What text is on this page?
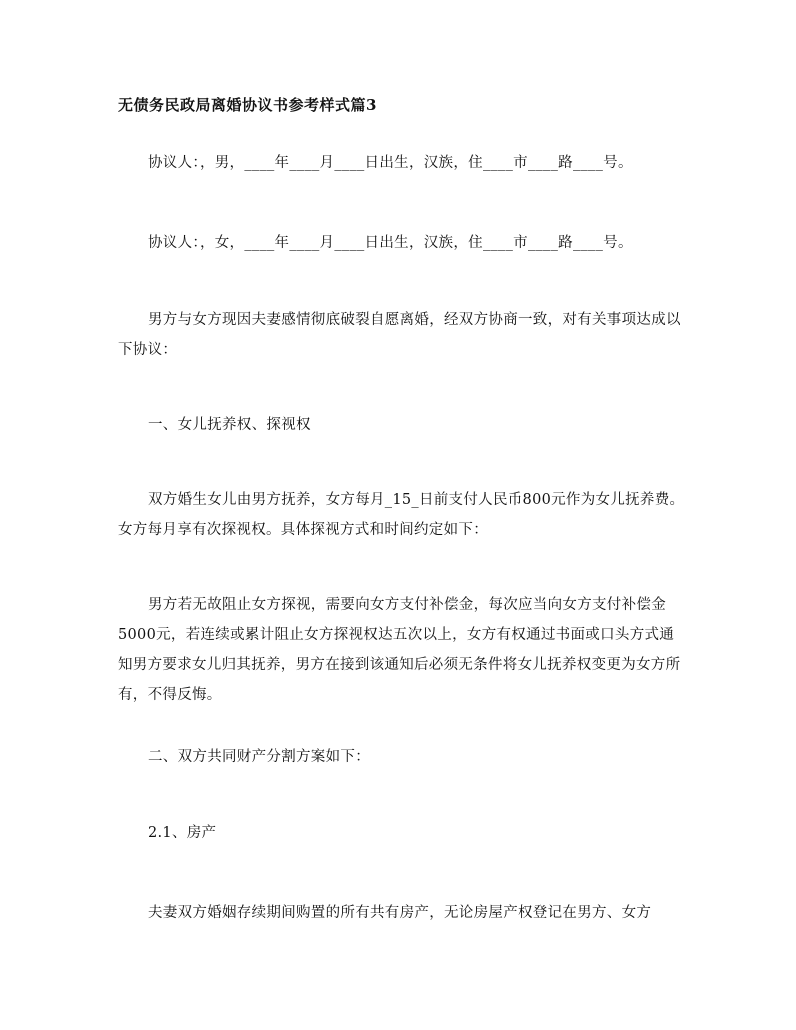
无债务民政局离婚协议书参考样式篇3
协议人：，男，____年____月____日出生，汉族，住____市____路____号。
协议人：，女，____年____月____日出生，汉族，住____市____路____号。

男方与女方现因夫妻感情彻底破裂自愿离婚，经双方协商一致，对有关事项达成以下协议：

一、女儿抚养权、探视权

双方婚生女儿由男方抚养，女方每月_15_日前支付人民币800元作为女儿抚养费。女方每月享有次探视权。具体探视方式和时间约定如下：

男方若无故阻止女方探视，需要向女方支付补偿金，每次应当向女方支付补偿金5000元，若连续或累计阻止女方探视权达五次以上，女方有权通过书面或口头方式通知男方要求女儿归其抚养，男方在接到该通知后必须无条件将女儿抚养权变更为女方所有，不得反悔。

二、双方共同财产分割方案如下：
2.1、房产
夫妻双方婚姻存续期间购置的所有共有房产，无论房屋产权登记在男方、女方
